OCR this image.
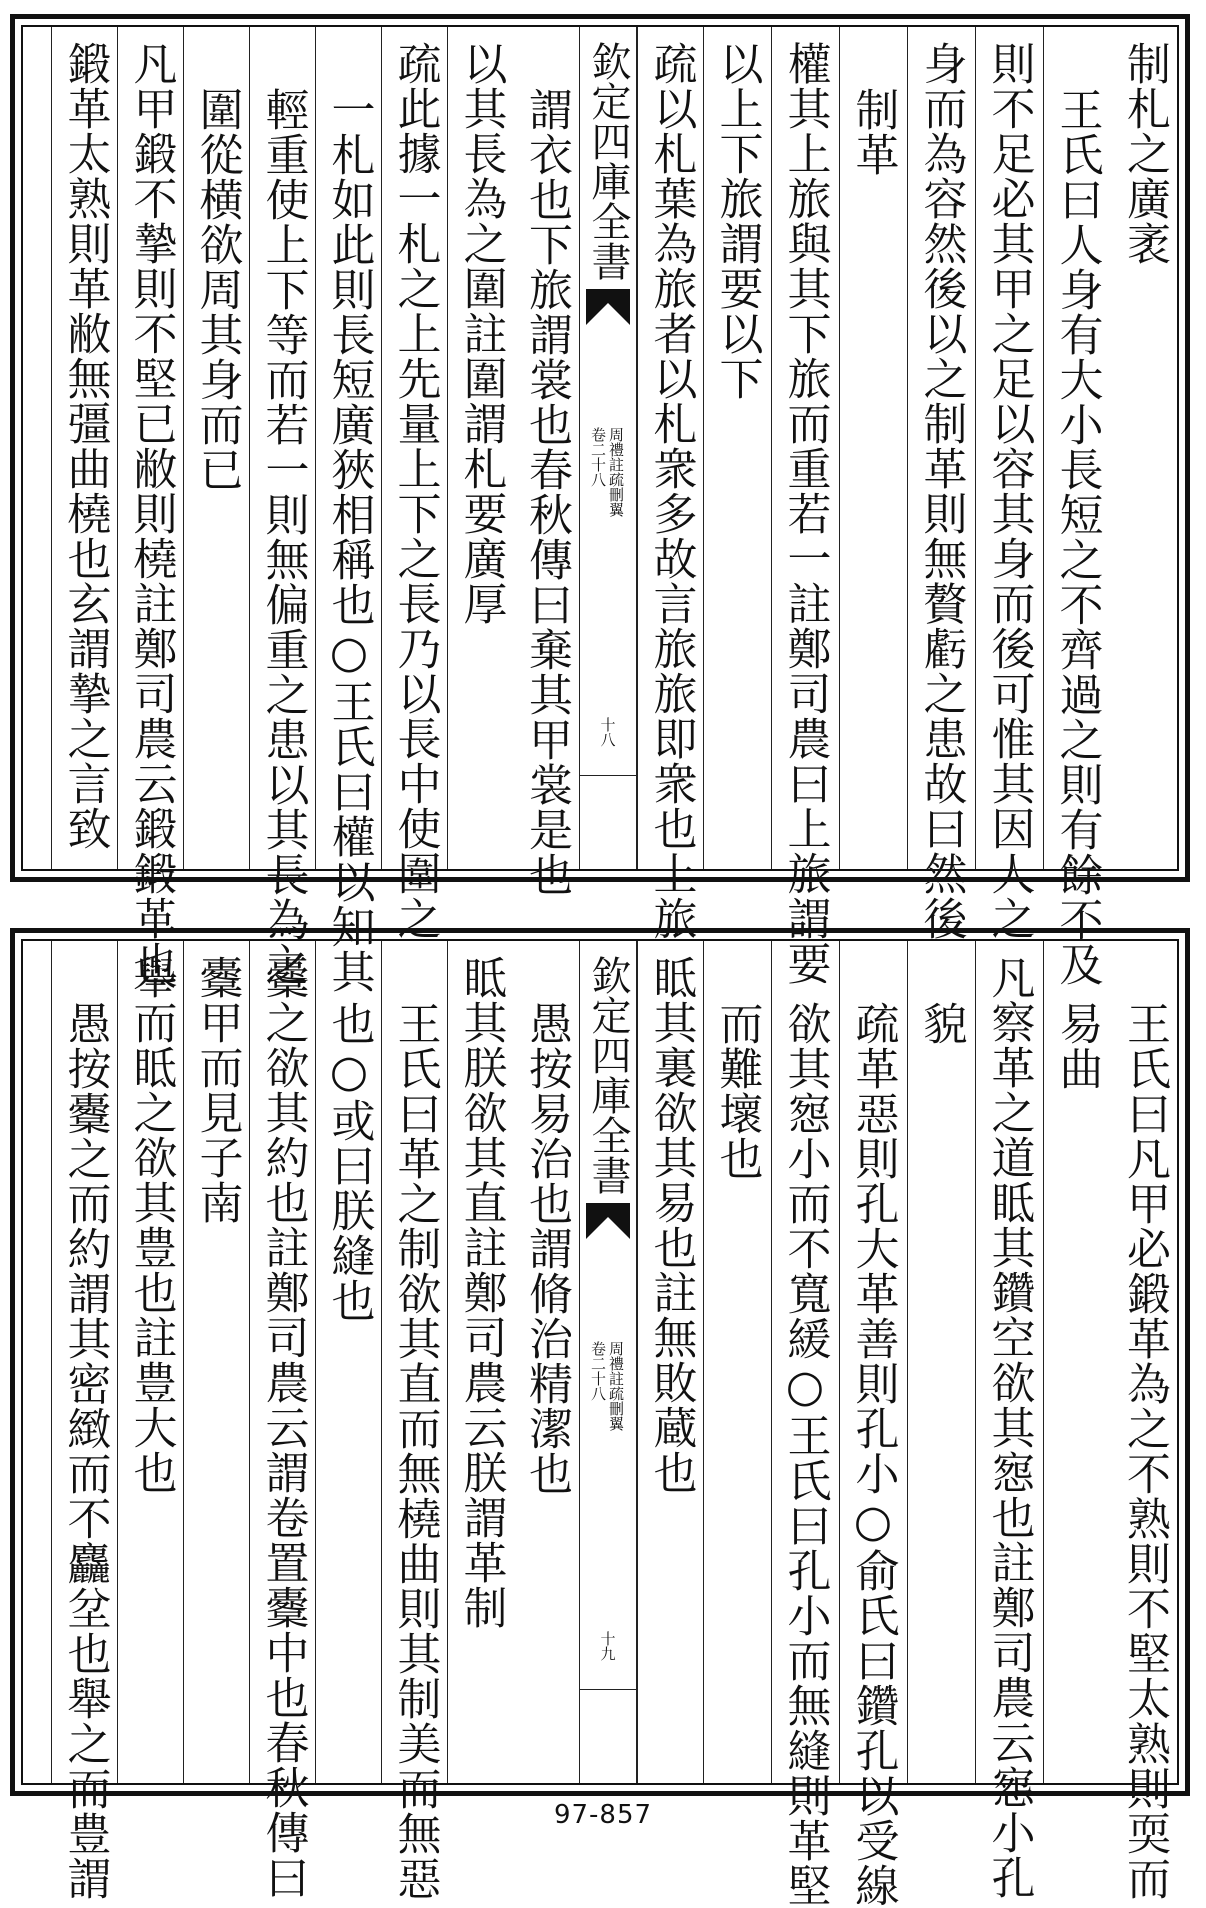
制札之廣袤
王氏曰人身有大小長短之不齊過之則有餘不及
則不足必其甲之足以容其身而後可惟其因人之
身而為容然後以之制革則無贅虧之患故曰然後
制革
權其上旅與其下旅而重若一註鄭司農曰上旅謂要
以上下旅謂要以下
疏以札葉為旅者以札衆多故言旅旅即衆也上旅
欽定四庫全書
周禮註疏刪翼
卷二十八
十八
謂衣也下旅謂裳也春秋傳曰棄其甲裳是也
以其長為之圍註圍謂札要廣厚
疏此據一札之上先量上下之長乃以長中使圍之
一札如此則長短廣狹相稱也○王氏曰權以知其
輕重使上下等而若一則無偏重之患以其長為之
圍從横欲周其身而已
凡甲鍛不摯則不堅已敝則橈註鄭司農云鍛鍛革也
鍛革太熟則革敝無彊曲橈也玄謂摯之言致
王氏曰凡甲必鍛革為之不熟則不堅太熟則耎而
易曲
凡察革之道眡其鑽空欲其惌也註鄭司農云惌小孔
貌
疏革惡則孔大革善則孔小○俞氏曰鑽孔以受線
欲其惌小而不寬緩○王氏曰孔小而無縫則革堅
而難壞也
眡其裏欲其易也註無敗蔵也
欽定四庫全書
周禮註疏刪翼
卷二十八
十九
愚按易治也謂脩治精潔也
眡其朕欲其直註鄭司農云朕謂革制
王氏曰革之制欲其直而無橈曲則其制美而無惡
也○或曰朕縫也
櫜之欲其約也註鄭司農云謂卷置櫜中也春秋傳曰
櫜甲而見子南
舉而眡之欲其豊也註豊大也
愚按櫜之而約謂其密緻而不麤坌也舉之而豊謂	97-857
